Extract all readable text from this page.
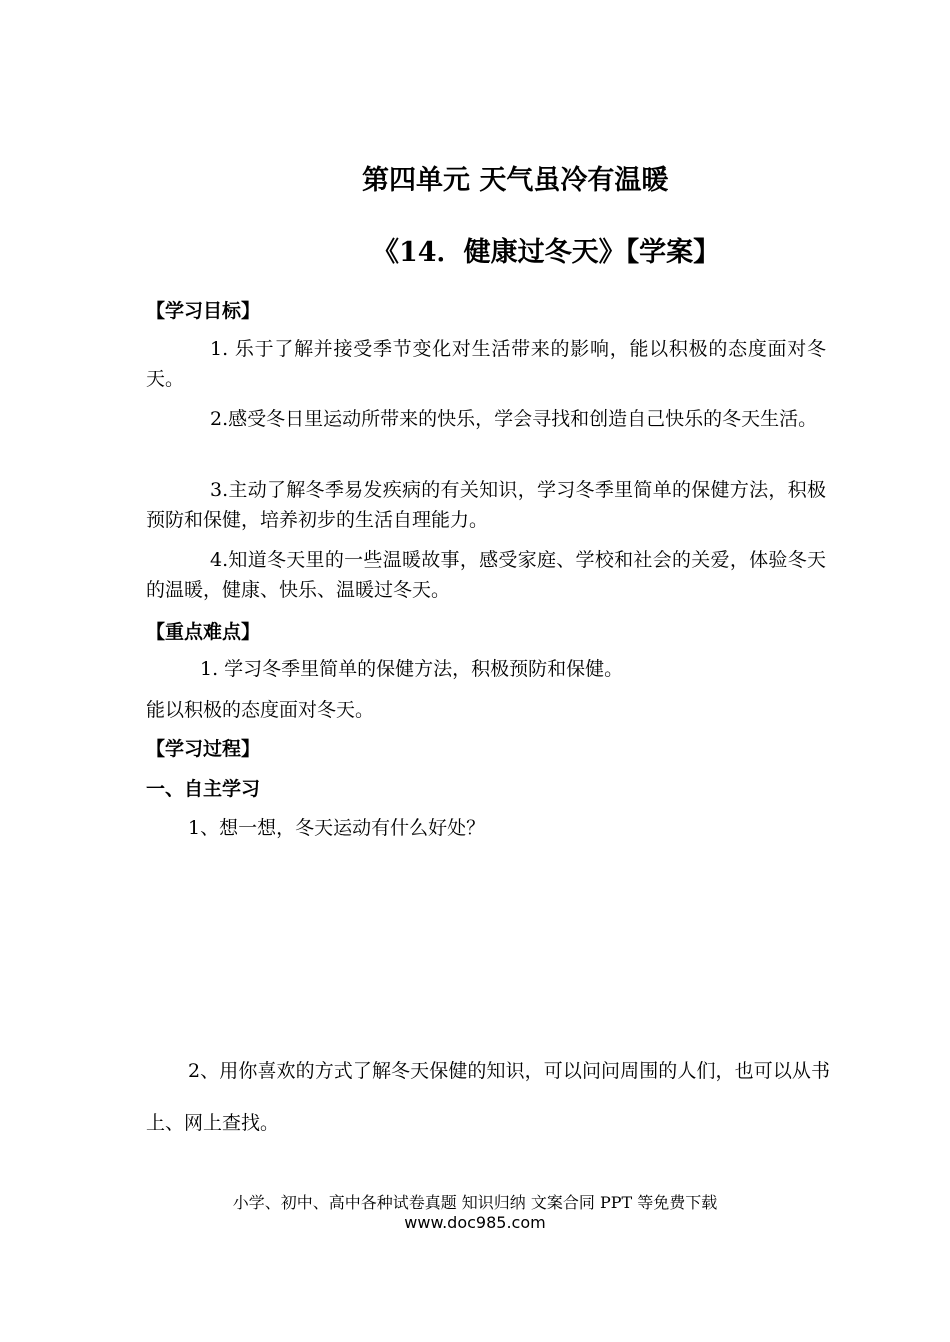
第四单元 天气虽冷有温暖
《14．健康过冬天》【学案】
【学习目标】
1. 乐于了解并接受季节变化对生活带来的影响，能以积极的态度面对冬天。
2.感受冬日里运动所带来的快乐，学会寻找和创造自己快乐的冬天生活。
3.主动了解冬季易发疾病的有关知识，学习冬季里简单的保健方法，积极预防和保健，培养初步的生活自理能力。
4.知道冬天里的一些温暖故事，感受家庭、学校和社会的关爱，体验冬天的温暖，健康、快乐、温暖过冬天。
【重点难点】
1. 学习冬季里简单的保健方法，积极预防和保健。
能以积极的态度面对冬天。
【学习过程】
一、自主学习
1、想一想，冬天运动有什么好处？
2、用你喜欢的方式了解冬天保健的知识，可以问问周围的人们，也可以从书上、网上查找。
小学、初中、高中各种试卷真题 知识归纳 文案合同 PPT 等免费下载
www.doc985.com
